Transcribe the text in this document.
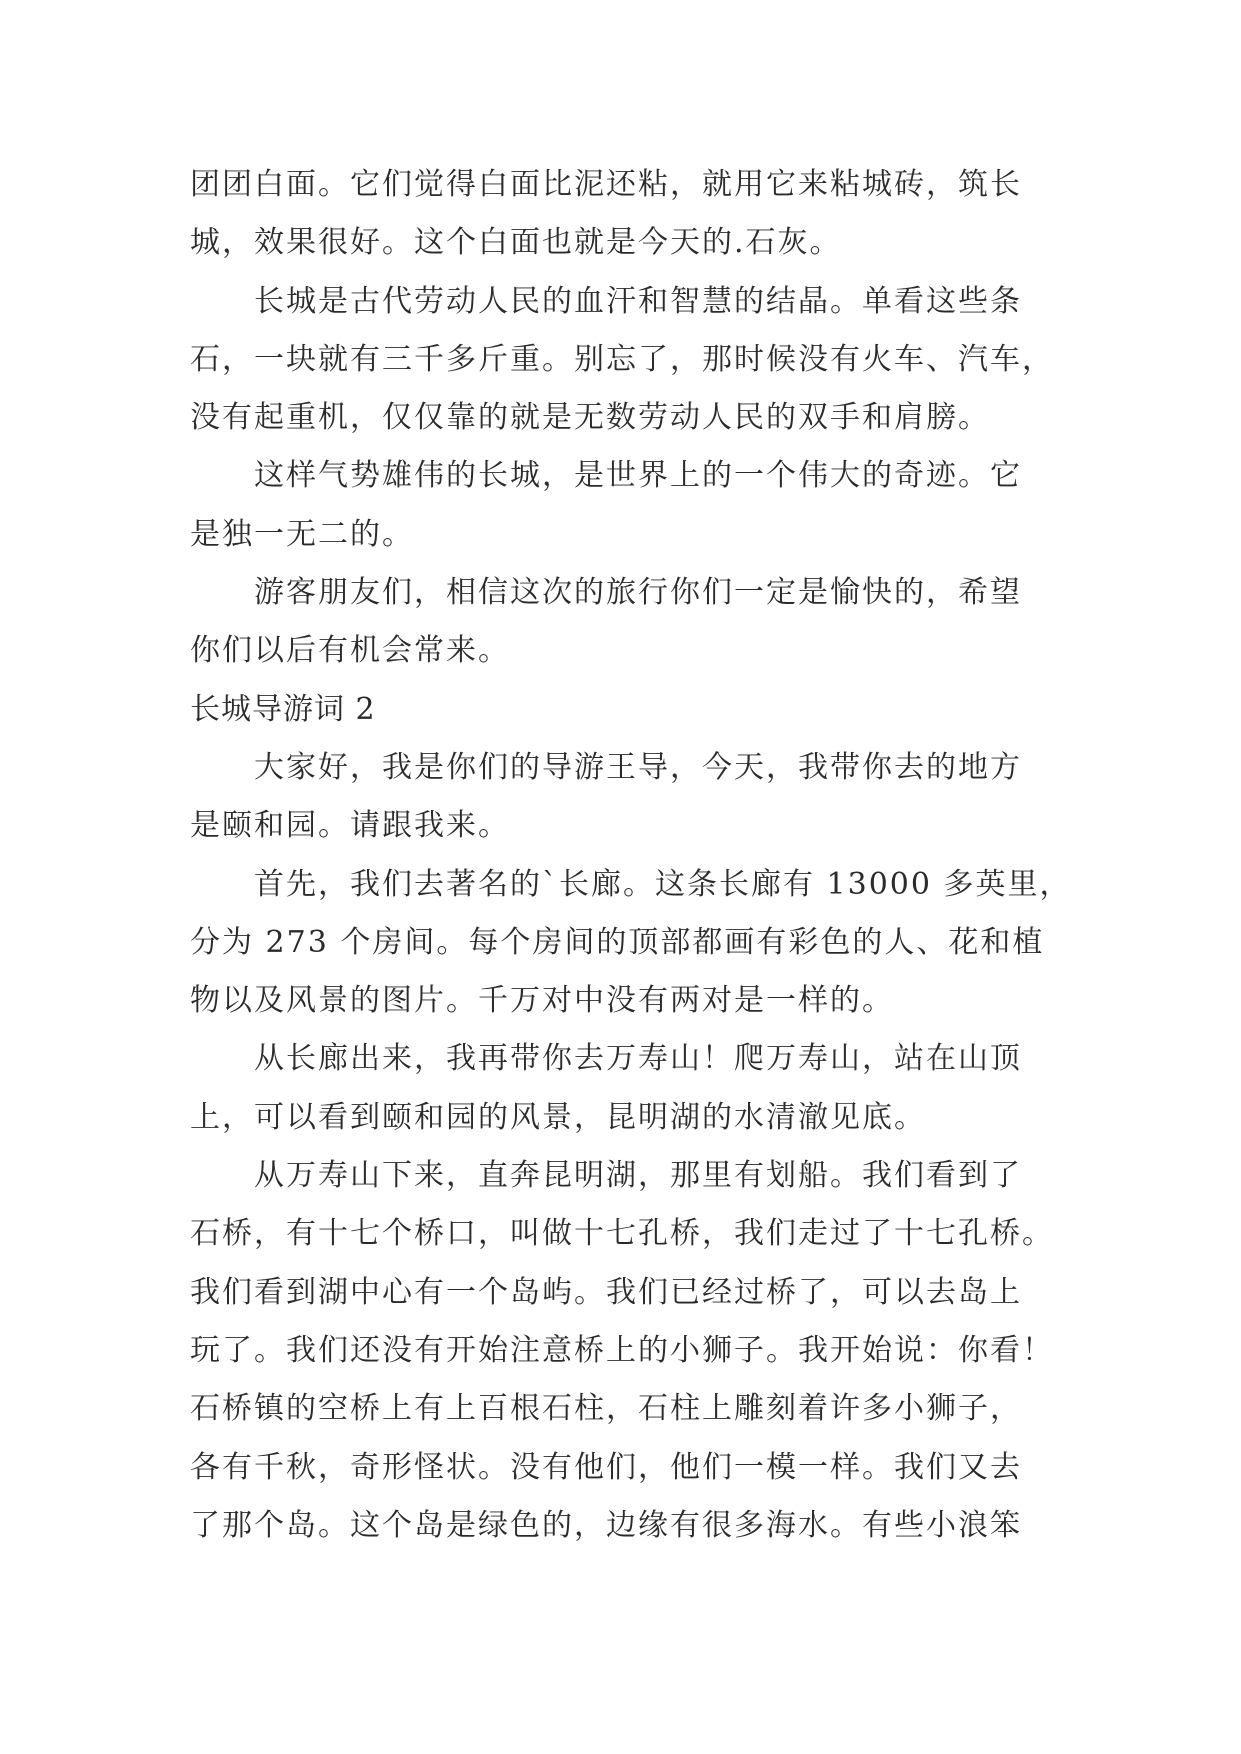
团团白面。它们觉得白面比泥还粘，就用它来粘城砖，筑长
城，效果很好。这个白面也就是今天的.石灰。
长城是古代劳动人民的血汗和智慧的结晶。单看这些条
石，一块就有三千多斤重。别忘了，那时候没有火车、汽车，
没有起重机，仅仅靠的就是无数劳动人民的双手和肩膀。
这样气势雄伟的长城，是世界上的一个伟大的奇迹。它
是独一无二的。
游客朋友们，相信这次的旅行你们一定是愉快的，希望
你们以后有机会常来。
长城导游词 2
大家好，我是你们的导游王导，今天，我带你去的地方
是颐和园。请跟我来。
首先，我们去著名的`长廊。这条长廊有 13000 多英里，
分为 273 个房间。每个房间的顶部都画有彩色的人、花和植
物以及风景的图片。千万对中没有两对是一样的。
从长廊出来，我再带你去万寿山！爬万寿山，站在山顶
上，可以看到颐和园的风景，昆明湖的水清澈见底。
从万寿山下来，直奔昆明湖，那里有划船。我们看到了
石桥，有十七个桥口，叫做十七孔桥，我们走过了十七孔桥。
我们看到湖中心有一个岛屿。我们已经过桥了，可以去岛上
玩了。我们还没有开始注意桥上的小狮子。我开始说：你看！
石桥镇的空桥上有上百根石柱，石柱上雕刻着许多小狮子，
各有千秋，奇形怪状。没有他们，他们一模一样。我们又去
了那个岛。这个岛是绿色的，边缘有很多海水。有些小浪笨
